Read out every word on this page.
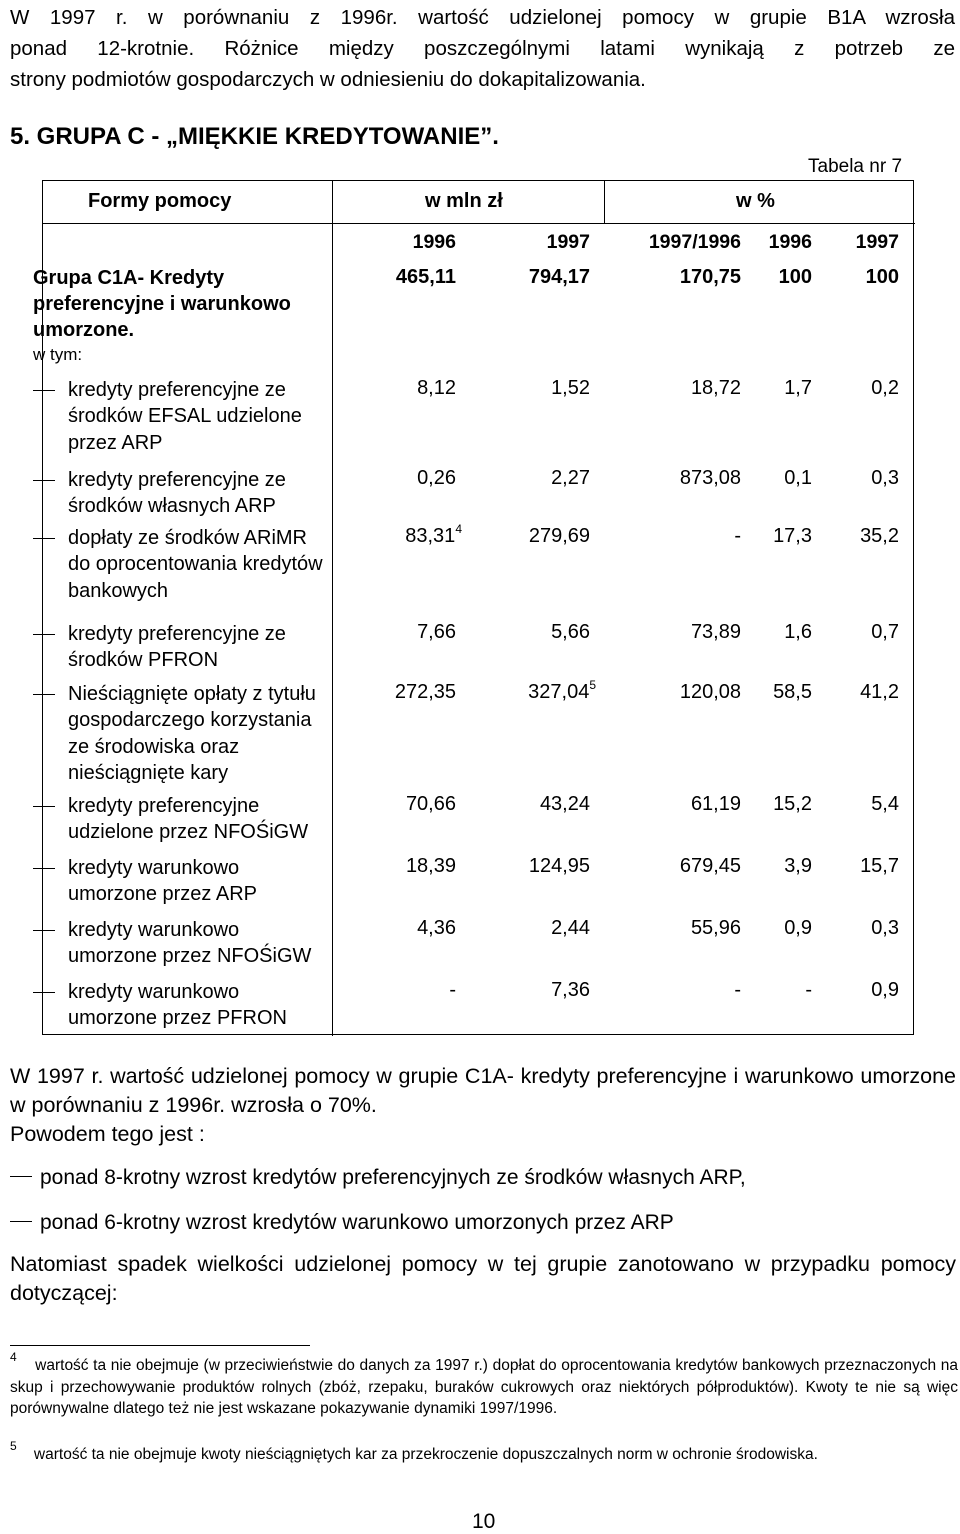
W 1997 r. w porównaniu z 1996r. wartość udzielonej pomocy w grupie B1A wzrosła
ponad 12-krotnie. Różnice między poszczególnymi latami wynikają z potrzeb ze
strony podmiotów gospodarczych w odniesieniu do dokapitalizowania.
5. GRUPA C - „MIĘKKIE KREDYTOWANIE”.
Tabela nr 7
Formy pomocy	w mln zł	w %
1996	1997	1997/1996 1996 1997
Grupa C1A- Kredyty
preferencyjne i warunkowo
umorzone.
w tym:
465,11	794,17	170,75 100	100
kredyty preferencyjne ze
środków EFSAL udzielone
przez ARP
8,12	1,52	18,72 1,7	0,2
kredyty preferencyjne ze
środków własnych ARP
0,26	2,27	873,08 0,1	0,3
dopłaty ze środków ARiMR
do oprocentowania kredytów
bankowych
83,31$^4$	279,69	- 17,3 35,2
kredyty preferencyjne ze
środków PFRON
7,66	5,66	73,89 1,6	0,7
Nieściągnięte opłaty z tytułu
gospodarczego korzystania
ze środowiska oraz
nieściągnięte kary
272,35	327,04$^5$	120,08 58,5 41,2
kredyty preferencyjne
udzielone przez NFOŚiGW
70,66	43,24	61,19 15,2	5,4
kredyty warunkowo
umorzone przez ARP
18,39	124,95	679,45 3,9 15,7
kredyty warunkowo
umorzone przez NFOŚiGW
4,36	2,44	55,96 0,9	0,3
kredyty warunkowo
umorzone przez PFRON
-	7,36	-	-	0,9
W 1997 r. wartość udzielonej pomocy w grupie C1A- kredyty preferencyjne i warunkowo umorzone w porównaniu z 1996r. wzrosła o 70%.
Powodem tego jest :
ponad 8-krotny wzrost kredytów preferencyjnych ze środków własnych ARP,
ponad 6-krotny wzrost kredytów warunkowo umorzonych przez ARP
Natomiast spadek wielkości udzielonej pomocy w tej grupie zanotowano w przypadku pomocy dotyczącej:
$^4$ wartość ta nie obejmuje (w przeciwieństwie do danych za 1997 r.) dopłat do oprocentowania kredytów bankowych przeznaczonych na skup i przechowywanie produktów rolnych (zbóż, rzepaku, buraków cukrowych oraz niektórych półproduktów). Kwoty te nie są więc porównywalne dlatego też nie jest wskazane pokazywanie dynamiki 1997/1996.
$^5$ wartość ta nie obejmuje kwoty nieściągniętych kar za przekroczenie dopuszczalnych norm w ochronie środowiska.
10
